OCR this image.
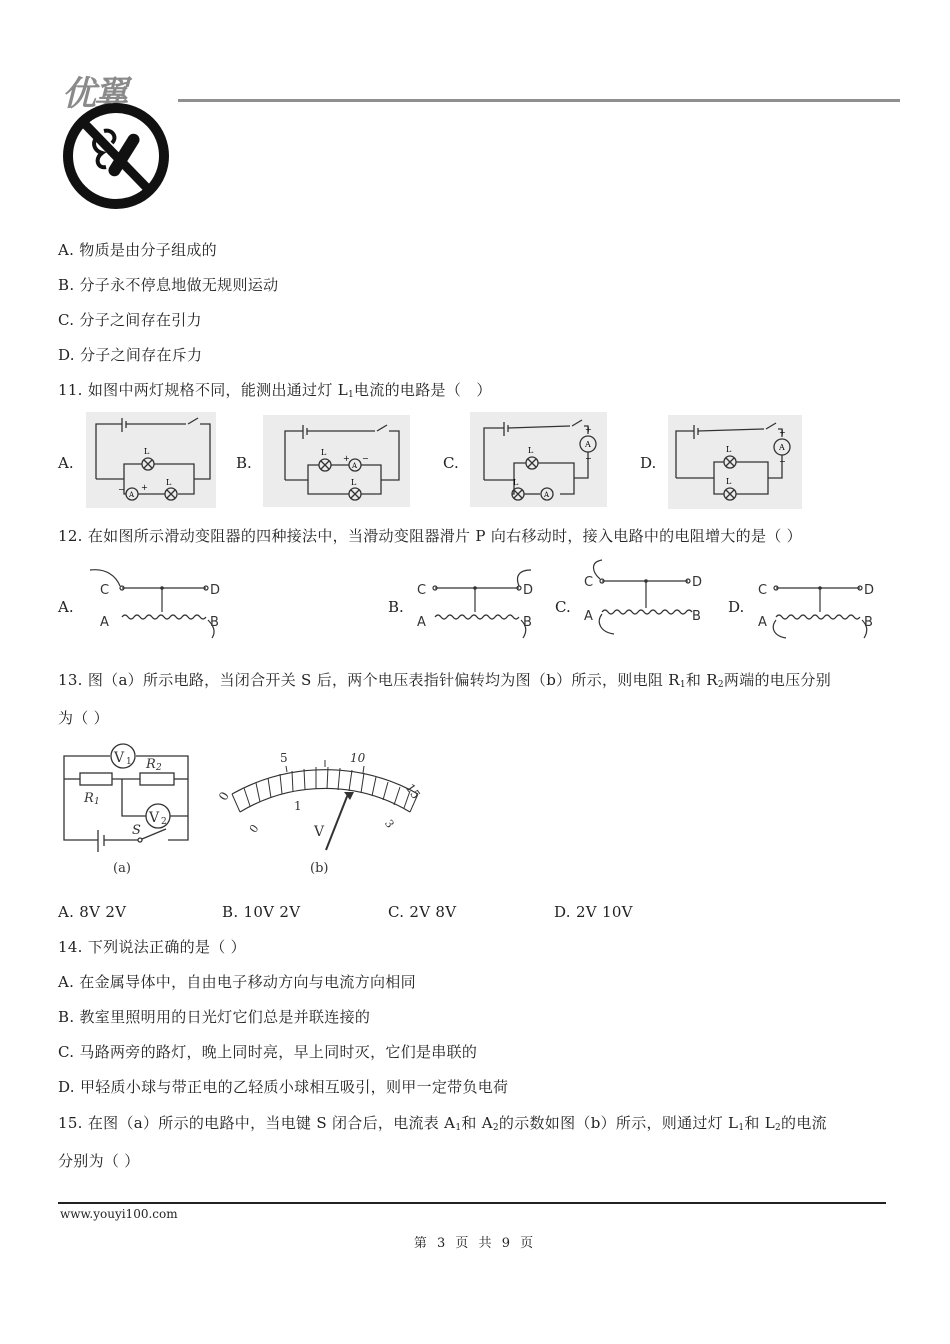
优翼
A. 物质是由分子组成的
B. 分子永不停息地做无规则运动
C. 分子之间存在引力
D. 分子之间存在斥力
11. 如图中两灯规格不同，能测出通过灯 $L_1$电流的电路是（　）
A.	B.	C.	D.
L
L
A
− +
L
L
A
+ −
A
+
−
L
L
A
A
+
−
L
L
12. 在如图所示滑动变阻器的四种接法中，当滑动变阻器滑片 P 向右移动时，接入电路中的电阻增大的是（ ）
A.	B.	C.	D.
C	D
A	B
C	D
A	B
C	D
A	B
C	D
A	B
13. 图（a）所示电路，当闭合开关 S 后，两个电压表指针偏转均为图（b）所示，则电阻 $R_1$和 $R_2$两端的电压分别
为（ ）
V 1
V 2
R 1
R 2
S
(a)
0
5	10
15
0
1
3
V
(b)
A. 8V 2V	B. 10V 2V	C. 2V 8V	D. 2V 10V
14. 下列说法正确的是（ ）
A. 在金属导体中，自由电子移动方向与电流方向相同
B. 教室里照明用的日光灯它们总是并联连接的
C. 马路两旁的路灯，晚上同时亮，早上同时灭，它们是串联的
D. 甲轻质小球与带正电的乙轻质小球相互吸引，则甲一定带负电荷
15. 在图（a）所示的电路中，当电键 S 闭合后，电流表 $A_1$和 $A_2$的示数如图（b）所示，则通过灯 $L_1$和 $L_2$的电流
分别为（ ）
www.youyi100.com
第 3 页 共 9 页
